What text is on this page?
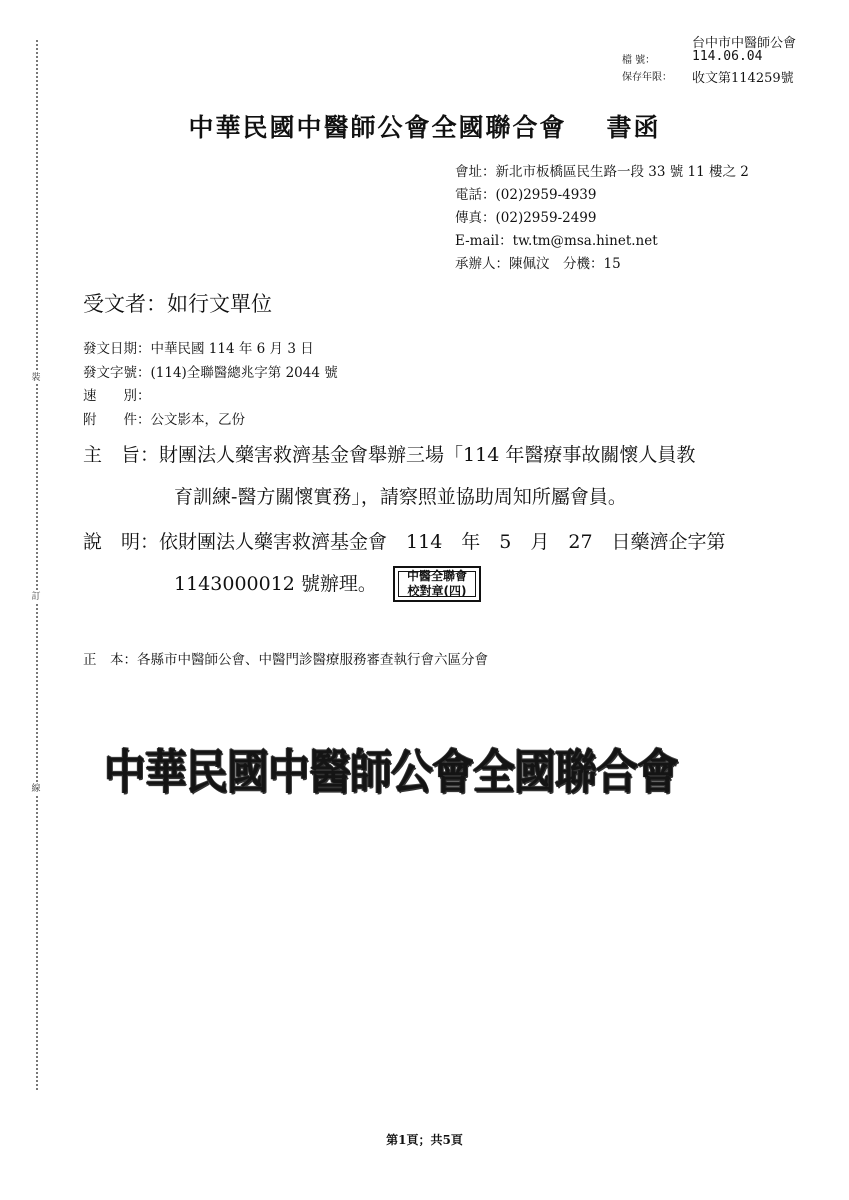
裝
訂
線
台中市中醫師公會
檔 號：	114.06.04
保存年限： 收文第114259號
中華民國中醫師公會全國聯合會 書函
會址：新北市板橋區民生路一段 33 號 11 樓之 2
電話：(02)2959-4939
傳真：(02)2959-2499
E-mail：tw.tm@msa.hinet.net
承辦人：陳佩汶　分機：15
受文者：如行文單位
發文日期：中華民國 114 年 6 月 3 日
發文字號：(114)全聯醫總兆字第 2044 號
速　　別：
附　　件：公文影本，乙份
主　旨：財團法人藥害救濟基金會舉辦三場「114 年醫療事故關懷人員教
育訓練-醫方關懷實務」，請察照並協助周知所屬會員。
說　明：依財團法人藥害救濟基金會　114　年　5　月　27　日藥濟企字第
1143000012 號辦理。	中醫全聯會
校對章(四)
正　本：各縣市中醫師公會、中醫門診醫療服務審查執行會六區分會
中華民國中醫師公會全國聯合會
第1頁；共5頁
